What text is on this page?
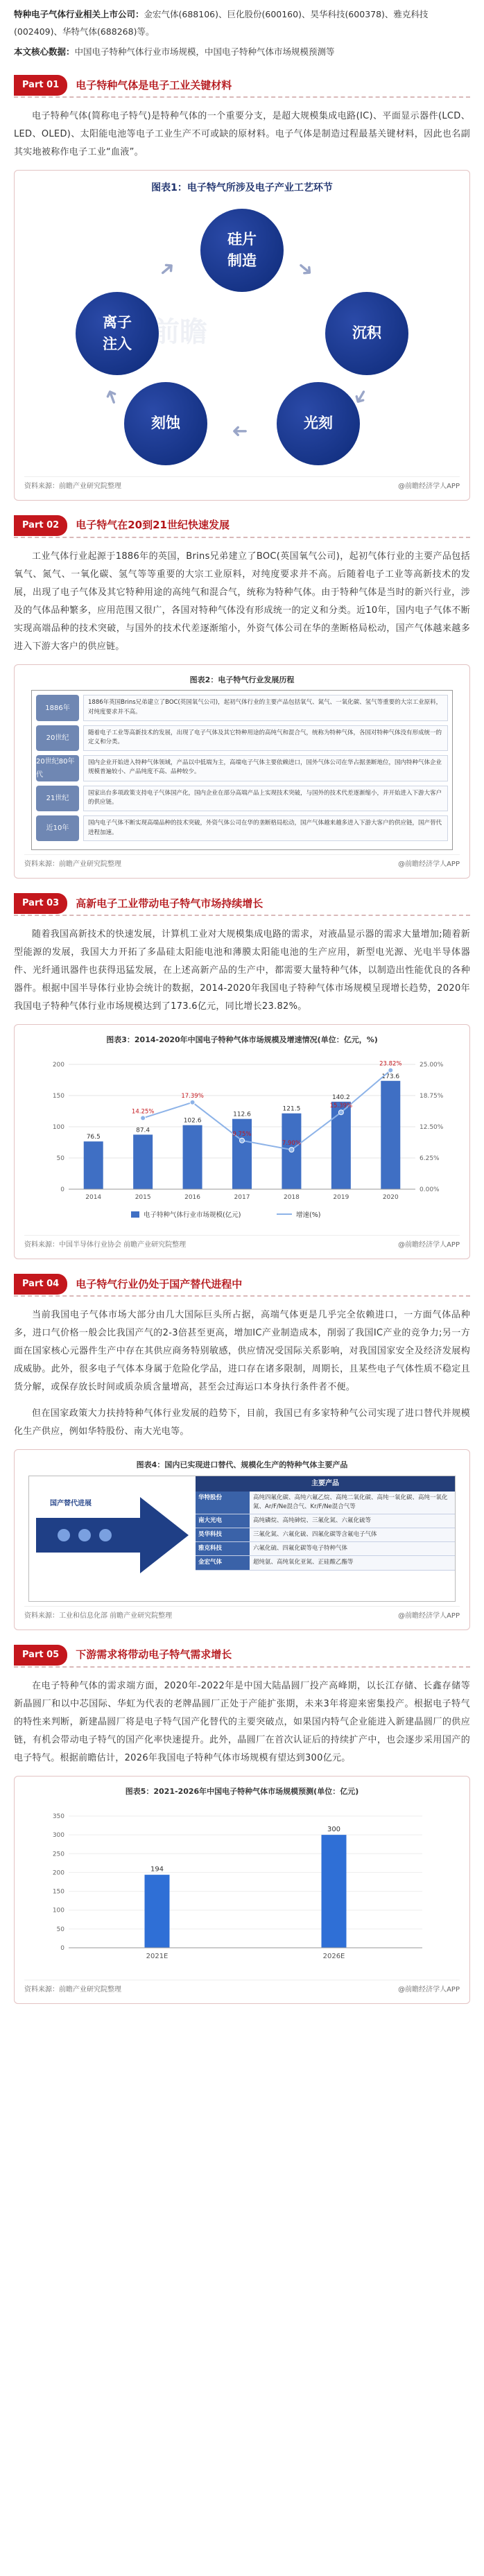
特种电子气体行业相关上市公司：金宏气体(688106)、巨化股份(600160)、昊华科技(600378)、雅克科技(002409)、华特气体(688268)等。

本文核心数据：中国电子特种气体行业市场规模，中国电子特种气体市场规模预测等

Part 01	电子特种气体是电子工业关键材料

电子特种气体(简称电子特气)是特种气体的一个重要分支，是超大规模集成电路(IC)、平面显示器件(LCD、LED、OLED)、太阳能电池等电子工业生产不可或缺的原材料。电子气体是制造过程最基关键材料，因此也名副其实地被称作电子工业“血液”。

图表1：电子特气所涉及电子产业工艺环节
前瞻
硅片
制造
沉积
光刻
刻蚀
离子
注入
➜
➜
➜
➜
➜
资料来源：前瞻产业研究院整理	@前瞻经济学人APP
Part 02	电子特气在20到21世纪快速发展

工业气体行业起源于1886年的英国，Brins兄弟建立了BOC(英国氧气公司)，起初气体行业的主要产品包括氧气、氮气、一氧化碳、氢气等等重要的大宗工业原料，对纯度要求并不高。后随着电子工业等高新技术的发展，出现了电子气体及其它特种用途的高纯气和混合气，统称为特种气体。由于特种气体是当时的新兴行业，涉及的气体品种繁多，应用范围又很广，各国对特种气体没有形成统一的定义和分类。近10年，国内电子气体不断实现高端品种的技术突破，与国外的技术代差逐渐缩小，外资气体公司在华的垄断格局松动，国产气体越来越多进入下游大客户的供应链。

图表2：电子特气行业发展历程
1886年
1886年英国Brins兄弟建立了BOC(英国氧气公司)，起初气体行业的主要产品包括氧气、氮气、一氧化碳、氢气等重要的大宗工业原料，对纯度要求并不高。
20世纪
随着电子工业等高新技术的发展，出现了电子气体及其它特种用途的高纯气和混合气，统称为特种气体，各国对特种气体没有形成统一的定义和分类。
20世纪80年代
国内企业开始进入特种气体领域，产品以中低端为主，高端电子气体主要依赖进口，国外气体公司在华占据垄断地位，国内特种气体企业规模普遍较小、产品纯度不高、品种较少。
21世纪
国家出台多项政策支持电子气体国产化，国内企业在部分高端产品上实现技术突破，与国外的技术代差逐渐缩小，并开始进入下游大客户的供应链。
近10年
国内电子气体不断实现高端品种的技术突破，外资气体公司在华的垄断格局松动，国产气体越来越多进入下游大客户的供应链，国产替代进程加速。
资料来源：前瞻产业研究院整理	@前瞻经济学人APP
Part 03	高新电子工业带动电子特气市场持续增长

随着我国高新技术的快速发展，计算机工业对大规模集成电路的需求，对液晶显示器的需求大量增加;随着新型能源的发展，我国大力开拓了多晶硅太阳能电池和薄膜太阳能电池的生产应用，新型电光源、光电半导体器件、光纤通讯器件也获得迅猛发展，在上述高新产品的生产中，都需要大量特种气体，以制造出性能优良的各种器件。根据中国半导体行业协会统计的数据，2014-2020年我国电子特种气体市场规模呈现增长趋势，2020年我国电子特种气体行业市场规模达到了173.6亿元，同比增长23.82%。

图表3：2014-2020年中国电子特种气体市场规模及增速情况(单位：亿元，%)
0	0.00%
50	6.25%
100	12.50%
150	18.75%
200	25.00%
76.5
2014
87.4
2015
102.6
2016
112.6
2017
121.5
2018
140.2
2019
173.6
2020
14.25%
17.39%
9.75%
7.90%
15.39%
23.82%
电子特种气体行业市场规模(亿元)	增速(%)
资料来源：中国半导体行业协会 前瞻产业研究院整理	@前瞻经济学人APP
Part 04	电子特气行业仍处于国产替代进程中

当前我国电子气体市场大部分由几大国际巨头所占据，高端气体更是几乎完全依赖进口，一方面气体品种多，进口气价格一般会比我国产气的2-3倍甚至更高，增加IC产业制造成本，削弱了我国IC产业的竞争力;另一方面在国家核心元器件生产中存在其供应商务特别敏感，供应情况受国际关系影响，对我国国家安全及经济发展构成威胁。此外，很多电子气体本身属于危险化学品，进口存在诸多限制，周期长，且某些电子气体性质不稳定且货分解，或保存放长时间或质杂质含量增高，甚至会过海运口本身执行条件者不便。

但在国家政策大力扶持特种气体行业发展的趋势下，目前，我国已有多家特种气公司实现了进口替代并规模化生产供应，例如华特股份、南大光电等。

图表4：国内已实现进口替代、规模化生产的特种气体主要产品
国产替代进展
主要产品
华特股份	高纯四氟化碳、高纯六氟乙烷、高纯二氧化碳、高纯一氧化碳、高纯一氧化氮、Ar/F/Ne混合气、Kr/F/Ne混合气等
南大光电	高纯磷烷、高纯砷烷、三氟化氮、六氟化硫等
昊华科技	三氟化氮、六氟化硫、四氟化碳等含氟电子气体
雅克科技	六氟化硫、四氟化碳等电子特种气体
金宏气体	超纯氨、高纯氧化亚氮、正硅酸乙酯等
资料来源：工业和信息化部 前瞻产业研究院整理	@前瞻经济学人APP
Part 05	下游需求将带动电子特气需求增长

在电子特种气体的需求端方面，2020年-2022年是中国大陆晶圆厂投产高峰期，以长江存储、长鑫存储等新晶圆厂和以中芯国际、华虹为代表的老牌晶圆厂正处于产能扩张期，未来3年将迎来密集投产。根据电子特气的特性来判断，新建晶圆厂将是电子特气国产化替代的主要突破点，如果国内特气企业能进入新建晶圆厂的供应链，有机会带动电子特气的国产化率快速提升。此外，晶圆厂在首次认证后的持续扩产中，也会逐步采用国产的电子特气。根据前瞻估计，2026年我国电子特种气体市场规模有望达到300亿元。

图表5：2021-2026年中国电子特种气体市场规模预测(单位：亿元)
0
50
100
150
200
250
300
350
194
2021E
300
2026E
资料来源：前瞻产业研究院整理	@前瞻经济学人APP
